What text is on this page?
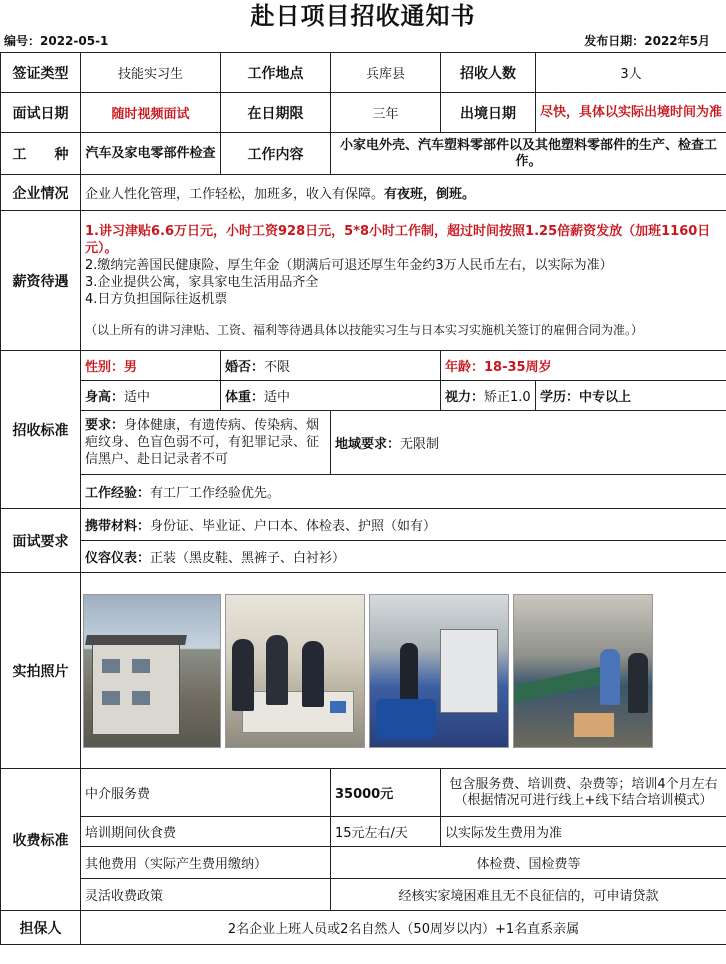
赴日项目招收通知书
编号：2022-05-1	发布日期：2022年5月
签证类型	技能实习生	工作地点	兵库县	招收人数	3人
面试日期	随时视频面试	在日期限	三年	出境日期	尽快，具体以实际出境时间为准
工　　种	汽车及家电零部件检查	工作内容	小家电外壳、汽车塑料零部件以及其他塑料零部件的生产、检查工作。		
企业情况	企业人性化管理，工作轻松，加班多，收入有保障。有夜班，倒班。				
薪资待遇	1.讲习津贴6.6万日元，小时工资928日元，5*8小时工作制，超过时间按照1.25倍薪资发放（加班1160日元）。

2.缴纳完善国民健康险、厚生年金（期满后可退还厚生年金约3万人民币左右，以实际为准）

3.企业提供公寓，家具家电生活用品齐全

4.日方负担国际往返机票

（以上所有的讲习津贴、工资、福利等待遇具体以技能实习生与日本实习实施机关签订的雇佣合同为准。）				

招收标准	性别：男	婚否：不限		年龄：18-35周岁	
	身高：适中	体重：适中		视力：矫正1.0	学历：中专以上
	要求：身体健康，有遗传病、传染病、烟疤纹身、色盲色弱不可，有犯罪记录、征信黑户、赴日记录者不可		地域要求：无限制		
	工作经验：有工厂工作经验优先。				
面试要求	携带材料：身份证、毕业证、户口本、体检表、护照（如有）				
	仪容仪表：正装（黑皮鞋、黑裤子、白衬衫）				
实拍照片					

收费标准	中介服务费		35000元	包含服务费、培训费、杂费等；培训4个月左右（根据情况可进行线上+线下结合培训模式）	
	培训期间伙食费		15元左右/天	以实际发生费用为准	
	其他费用（实际产生费用缴纳）		体检费、国检费等		
	灵活收费政策		经核实家境困难且无不良征信的，可申请贷款		
担保人	2名企业上班人员或2名自然人（50周岁以内）+1名直系亲属				
